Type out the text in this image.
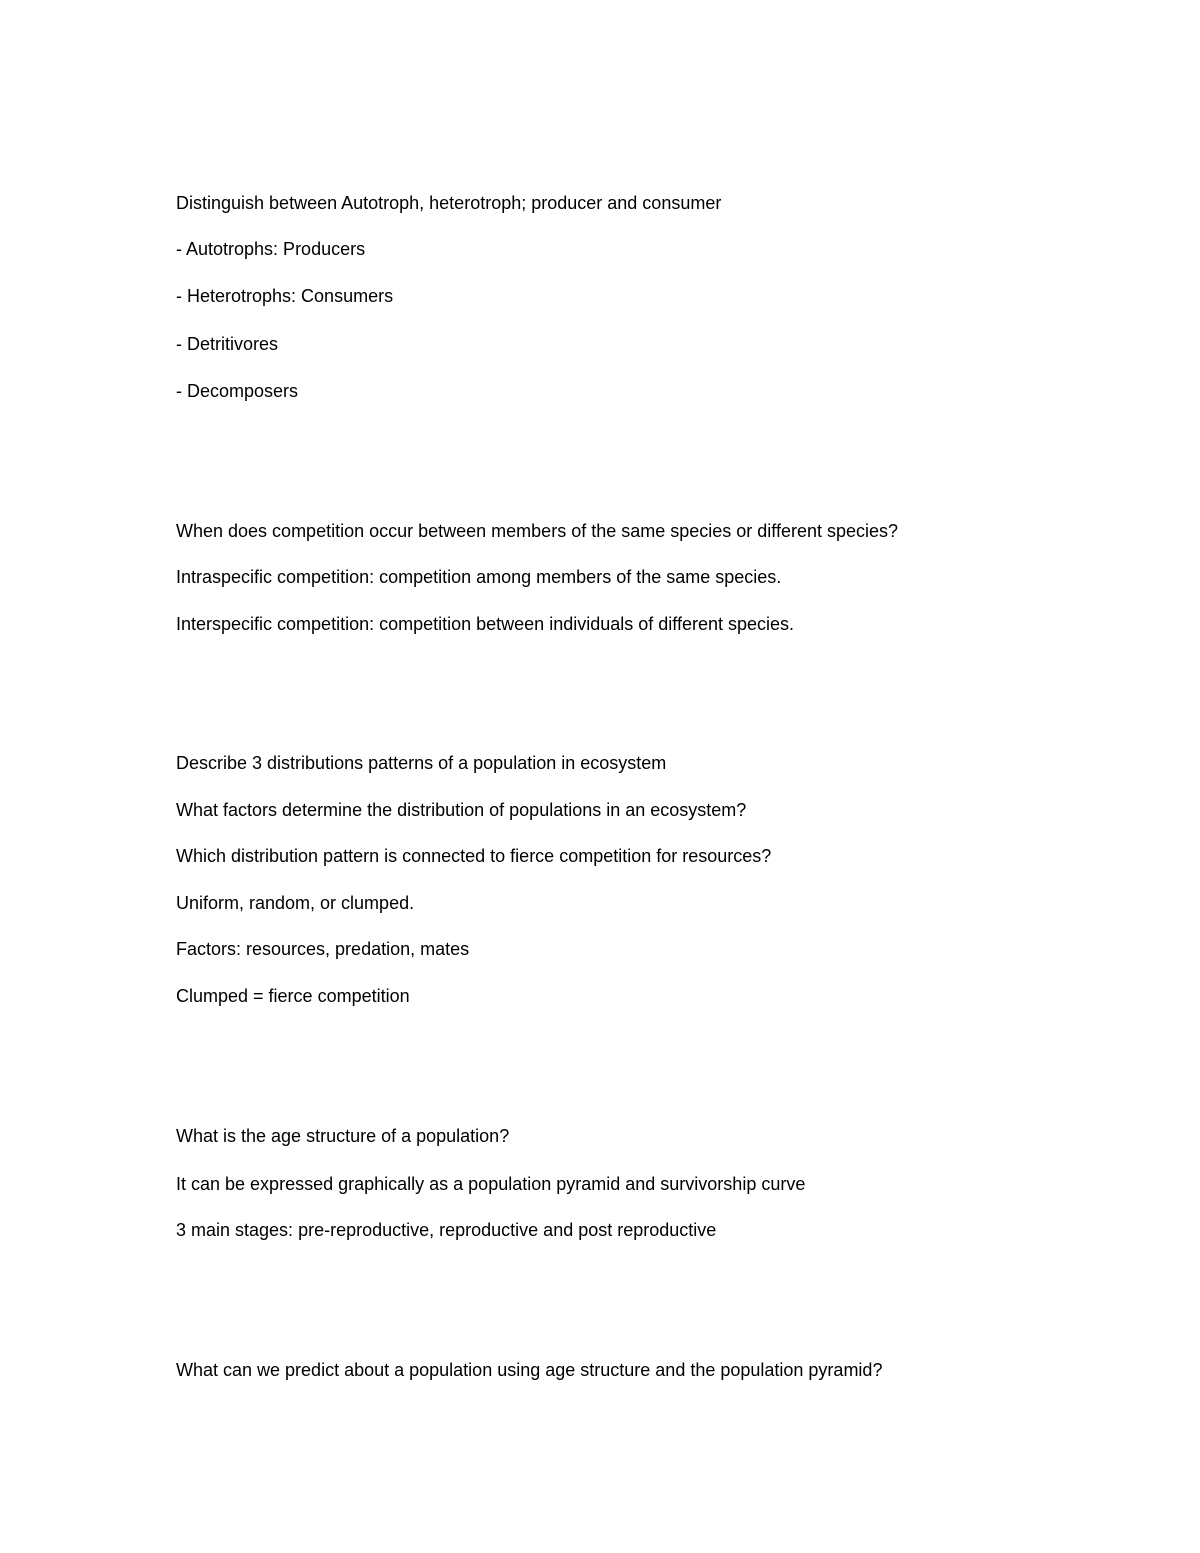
Distinguish between Autotroph, heterotroph; producer and consumer

- Autotrophs: Producers

- Heterotrophs: Consumers

- Detritivores

- Decomposers

When does competition occur between members of the same species or different species?

Intraspecific competition: competition among members of the same species.

Interspecific competition: competition between individuals of different species.

Describe 3 distributions patterns of a population in ecosystem

What factors determine the distribution of populations in an ecosystem?

Which distribution pattern is connected to fierce competition for resources?

Uniform, random, or clumped.

Factors: resources, predation, mates

Clumped = fierce competition

What is the age structure of a population?

It can be expressed graphically as a population pyramid and survivorship curve

3 main stages: pre-reproductive, reproductive and post reproductive

What can we predict about a population using age structure and the population pyramid?
